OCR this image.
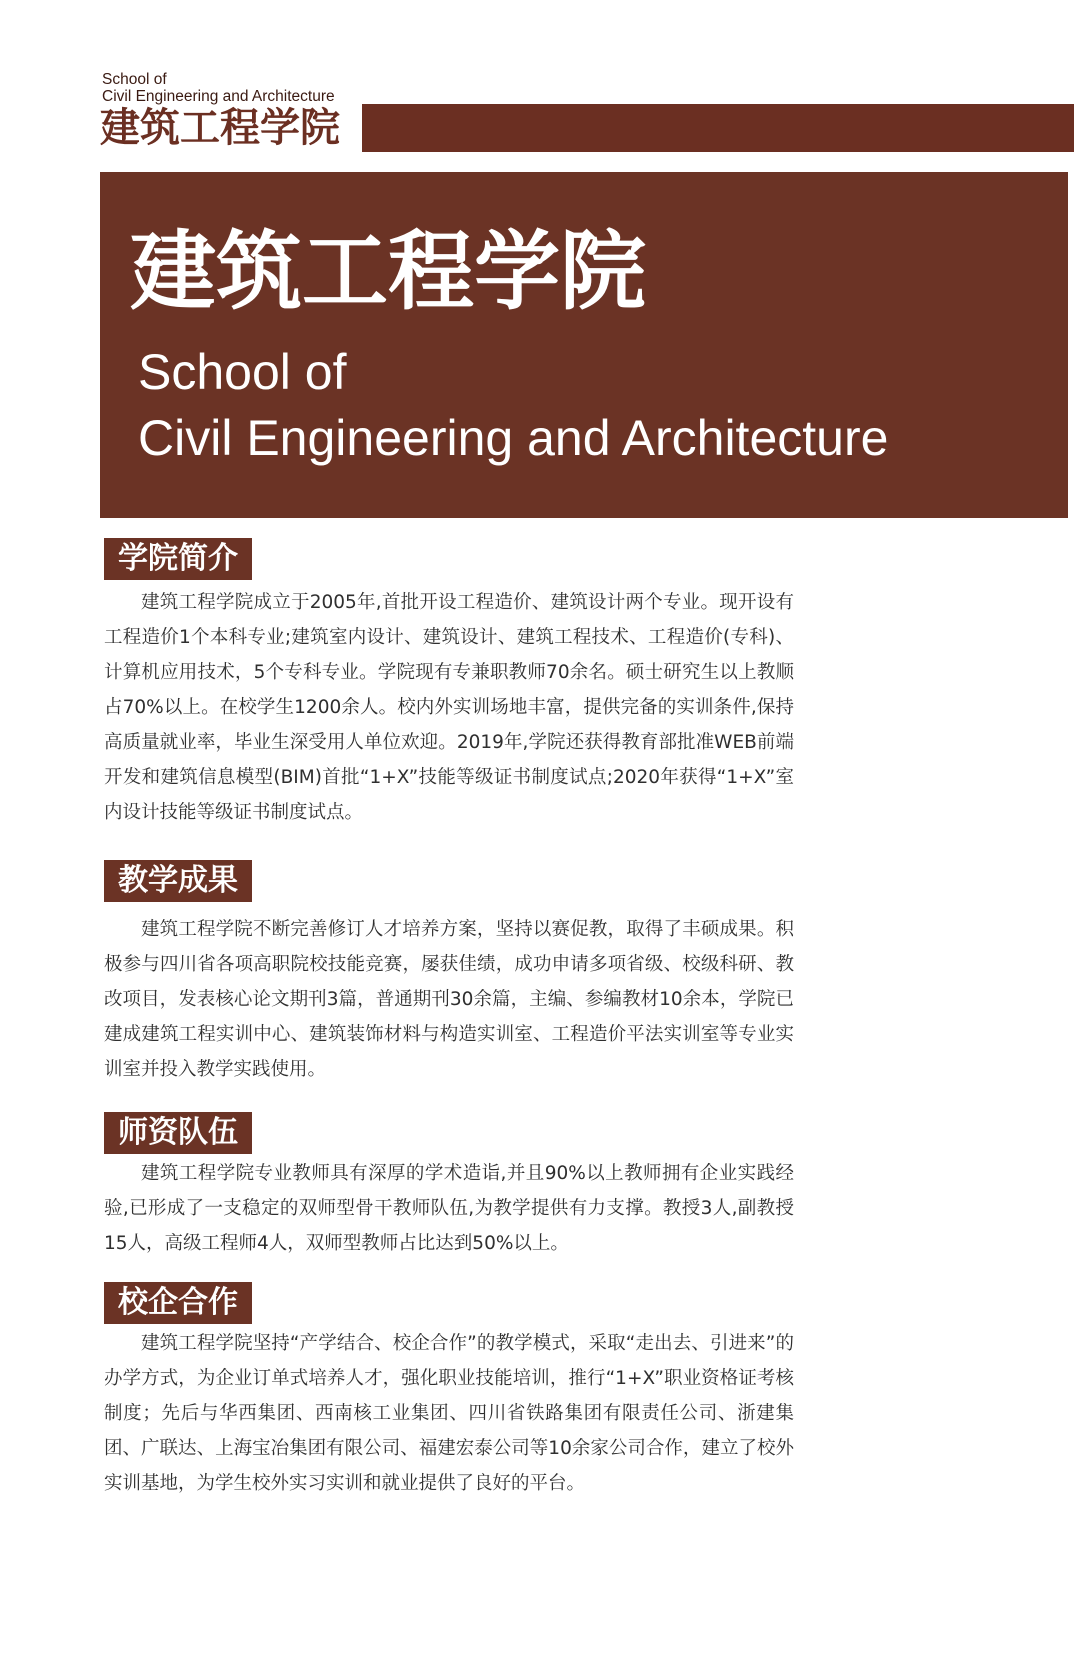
School of
Civil Engineering and Architecture
建筑工程学院
建筑工程学院
School of
Civil Engineering and Architecture
学院简介
建筑工程学院成立于2005年,首批开设工程造价、建筑设计两个专业。现开设有工程造价1个本科专业;建筑室内设计、建筑设计、建筑工程技术、工程造价(专科)、计算机应用技术，5个专科专业。学院现有专兼职教师70余名。硕士研究生以上教顺占70%以上。在校学生1200余人。校内外实训场地丰富，提供完备的实训条件,保持高质量就业率，毕业生深受用人单位欢迎。2019年,学院还获得教育部批准WEB前端开发和建筑信息模型(BIM)首批“1+X”技能等级证书制度试点;2020年获得“1+X”室内设计技能等级证书制度试点。
教学成果
建筑工程学院不断完善修订人才培养方案，坚持以赛促教，取得了丰硕成果。积极参与四川省各项高职院校技能竞赛，屡获佳绩，成功申请多项省级、校级科研、教改项目，发表核心论文期刊3篇，普通期刊30余篇，主编、参编教材10余本，学院已建成建筑工程实训中心、建筑装饰材料与构造实训室、工程造价平法实训室等专业实训室并投入教学实践使用。
师资队伍
建筑工程学院专业教师具有深厚的学术造诣,并且90%以上教师拥有企业实践经验,已形成了一支稳定的双师型骨干教师队伍,为教学提供有力支撑。教授3人,副教授15人，高级工程师4人，双师型教师占比达到50%以上。
校企合作
建筑工程学院坚持“产学结合、校企合作”的教学模式，采取“走出去、引进来”的办学方式，为企业订单式培养人才，强化职业技能培训，推行“1+X”职业资格证考核制度；先后与华西集团、西南核工业集团、四川省铁路集团有限责任公司、浙建集团、广联达、上海宝冶集团有限公司、福建宏泰公司等10余家公司合作，建立了校外实训基地，为学生校外实习实训和就业提供了良好的平台。
